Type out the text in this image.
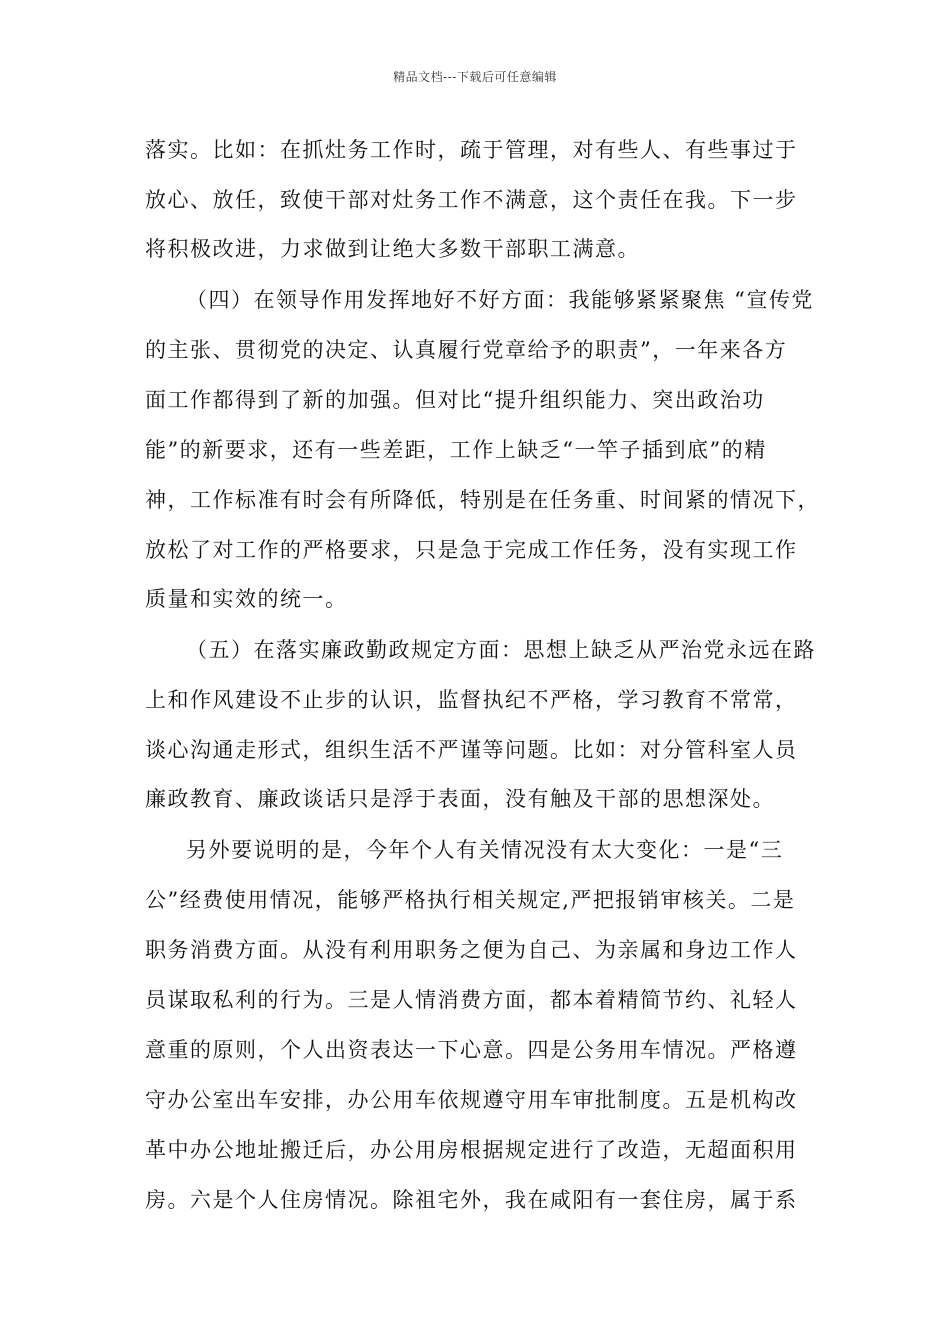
精品文档---下载后可任意编辑
落实。比如：在抓灶务工作时，疏于管理，对有些人、有些事过于
放心、放任，致使干部对灶务工作不满意，这个责任在我。下一步
将积极改进，力求做到让绝大多数干部职工满意。
（四）在领导作用发挥地好不好方面：我能够紧紧聚焦 “宣传党
的主张、贯彻党的决定、认真履行党章给予的职责”，一年来各方
面工作都得到了新的加强。但对比“提升组织能力、突出政治功
能”的新要求，还有一些差距，工作上缺乏“一竿子插到底”的精
神，工作标准有时会有所降低，特别是在任务重、时间紧的情况下，
放松了对工作的严格要求，只是急于完成工作任务，没有实现工作
质量和实效的统一。
（五）在落实廉政勤政规定方面：思想上缺乏从严治党永远在路
上和作风建设不止步的认识，监督执纪不严格，学习教育不常常，
谈心沟通走形式，组织生活不严谨等问题。比如：对分管科室人员
廉政教育、廉政谈话只是浮于表面，没有触及干部的思想深处。
另外要说明的是，今年个人有关情况没有太大变化：一是“三
公”经费使用情况，能够严格执行相关规定,严把报销审核关。二是
职务消费方面。从没有利用职务之便为自己、为亲属和身边工作人
员谋取私利的行为。三是人情消费方面，都本着精简节约、礼轻人
意重的原则，个人出资表达一下心意。四是公务用车情况。严格遵
守办公室出车安排，办公用车依规遵守用车审批制度。五是机构改
革中办公地址搬迁后，办公用房根据规定进行了改造，无超面积用
房。六是个人住房情况。除祖宅外，我在咸阳有一套住房，属于系
